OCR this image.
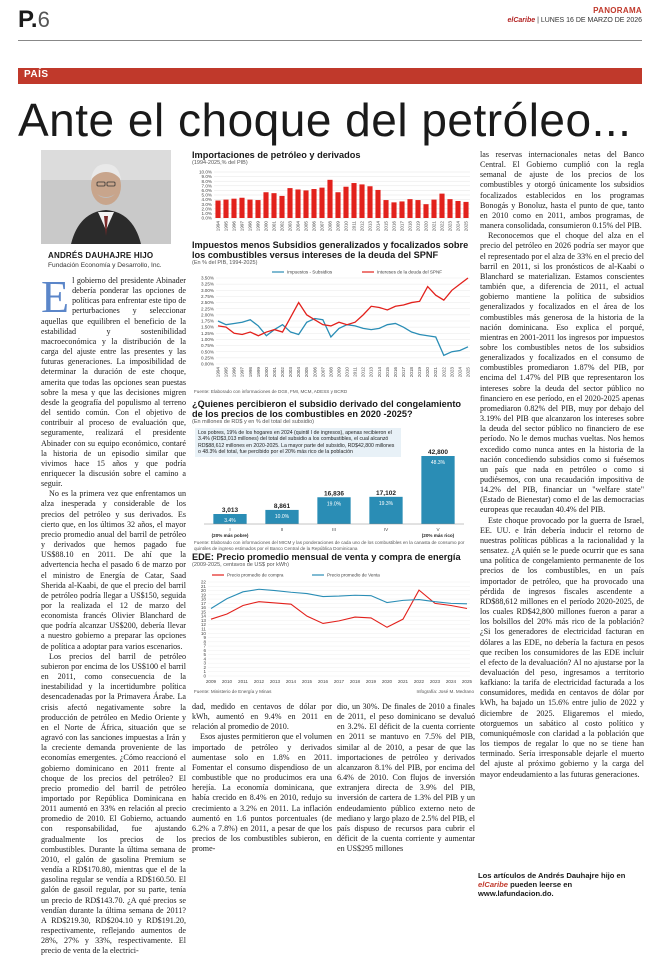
P.6	PANORAMA
elCaribe | LUNES 16 DE MARZO DE 2026
PAÍS
Ante el choque del petróleo...
ANDRÉS DAUHAJRE HIJO
Fundación Economía y Desarrollo, Inc.
E l gobierno del presidente Abinader debería ponderar las opciones de políticas para enfrentar este tipo de perturbaciones y seleccionar aquellas que equilibren el beneficio de la estabilidad y sostenibilidad macroeconómica y la distribución de la carga del ajuste entre las presentes y las futuras generaciones. La imposibilidad de determinar la duración de este choque, amerita que todas las opciones sean puestas sobre la mesa y que las decisiones migren desde la geografía del populismo al terreno del sentido común. Con el objetivo de contribuir al proceso de evaluación que, seguramente, realizará el presidente Abinader con su equipo económico, contaré la historia de un episodio similar que vivimos hace 15 años y que podría enriquecer la discusión sobre el camino a seguir.

No es la primera vez que enfrentamos un alza inesperada y considerable de los precios del petróleo y sus derivados. Es cierto que, en los últimos 32 años, el mayor precio promedio anual del barril de petróleo y derivados que hemos pagado fue US$88.10 en 2011. De ahí que la advertencia hecha el pasado 6 de marzo por el ministro de Energía de Catar, Saad Sherida al-Kaabi, de que el precio del barril de petróleo podría llegar a US$150, seguida por la realizada el 12 de marzo del economista francés Olivier Blanchard de que podría alcanzar US$200, debería llevar a nuestro gobierno a preparar las opciones de política a adoptar para varios escenarios.

Los precios del barril de petróleo subieron por encima de los US$100 el barril en 2011, como consecuencia de la inestabilidad y la incertidumbre política desencadenadas por la Primavera Árabe. La crisis afectó negativamente sobre la producción de petróleo en Medio Oriente y en el Norte de África, situación que se agravó con las sanciones impuestas a Irán y la creciente demanda proveniente de las economías emergentes. ¿Cómo reaccionó el gobierno dominicano en 2011 frente al choque de los precios del petróleo? El precio promedio del barril de petróleo importado por República Dominicana en 2011 aumentó en 33% en relación al precio promedio de 2010. El Gobierno, actuando con responsabilidad, fue ajustando gradualmente los precios de los combustibles. Durante la última semana de 2010, el galón de gasolina Premium se vendía a RD$170.80, mientras que el de la gasolina regular se vendía a RD$160.50. El galón de gasoil regular, por su parte, tenía un precio de RD$143.70. ¿A qué precios se vendían durante la última semana de 2011? A RD$219.30, RD$204.10 y RD$191.20, respectivamente, reflejando aumentos de 28%, 27% y 33%, respectivamente. El precio de venta de la electrici-

Importaciones de petróleo y derivados
(1994-2025,% del PIB)
0.0%
1.0%
2.0%
3.0%
4.0%
5.0%
6.0%
7.0%
8.0%
9.0%
10.0%
1994 1995 1996 1997 1998 1999 2000 2001 2002 2003 2004 2005 2006 2007 2008 2009 2010 2011 2012 2013 2014 2015 2016 2017 2018 2019 2020 2021 2022 2023 2024 2025
Impuestos menos Subsidios generalizados y focalizados sobre los combustibles versus intereses de la deuda del SPNF
(En % del PIB, 1994-2025)
Impuestos - Subsidios	Intereses de la deuda del SPNF
0.00%
0.25%
0.50%
0.75%
1.00%
1.25%
1.50%
1.75%
2.00%
2.25%
2.50%
2.75%
3.00%
3.25%
3.50%
1994 1995 1996 1997 1998 1999 2000 2001 2002 2003 2004 2005 2006 2007 2008 2009 2010 2011 2012 2013 2014 2015 2016 2017 2018 2019 2020 2021 2022 2023 2024 2025
Fuente: Elaborado con informaciones de DGII, FMI, MCM, ADESS y BCRD
¿Quienes percibieron el subsidio derivado del congelamiento de los precios de los combustibles en 2020 -2025?
(En millones de RD$ y en % del total del subsidio)
Los pobres, 19% de los hogares en 2024 (quintil I de ingresos), apenas recibieron el 3.4% (RD$3,013 millones) del total del subsidio a los combustibles, el cual alcanzó RD$88,612 millones en 2020-2025. La mayor parte del subsidio, RD$42,800 millones o 48.3% del total, fue percibido por el 20% más rico de la población
3,013
3.4%
I
(20% más pobre)
8,861
10.0%
II
16,836
19.0%
III
17,102
19.3%
IV
42,800
48.3%
V
(20% más rico)
Fuente: Elaborado con informaciones del MICM y las ponderaciones de cada uno de los combustibles en la canasta de consumo por quintiles de ingreso estimados por el Banco Central de la República Dominicana
EDE: Precio promedio mensual de venta y compra de energía
(2009-2025, centavos de US$ por kWh)
Precio promedio de compra	Precio promedio de Venta
0
1
2
3
4
5
6
7
8
9
10
11
12
13
14
15
16
17
18
19
20
21
22
2009 2010 2011 2012 2013 2014 2015 2016 2017 2018 2019 2020 2021 2022 2023 2024 2025
Fuente: Ministerio de Energía y Minas	Infografía: José M. Medrano

dad, medido en centavos de dólar por kWh, aumentó en 9.4% en 2011 en relación al promedio de 2010.

Esos ajustes permitieron que el volumen importado de petróleo y derivados aumentase solo en 1.8% en 2011. Fomentar el consumo dispendioso de un combustible que no producimos era una herejía. La economía dominicana, que había crecido en 8.4% en 2010, redujo su crecimiento a 3.2% en 2011. La inflación aumentó en 1.6 puntos porcentuales (de 6.2% a 7.8%) en 2011, a pesar de que los precios de los combustibles subieron, en prome-

dio, un 30%. De finales de 2010 a finales de 2011, el peso dominicano se devaluó en 3.2%. El déficit de la cuenta corriente en 2011 se mantuvo en 7.5% del PIB, similar al de 2010, a pesar de que las importaciones de petróleo y derivados alcanzaron 8.1% del PIB, por encima del 6.4% de 2010. Con flujos de inversión extranjera directa de 3.9% del PIB, inversión de cartera de 1.3% del PIB y un endeudamiento público externo neto de mediano y largo plazo de 2.5% del PIB, el país dispuso de recursos para cubrir el déficit de la cuenta corriente y aumentar en US$295 millones

las reservas internacionales netas del Banco Central. El Gobierno cumplió con la regla semanal de ajuste de los precios de los combustibles y otorgó únicamente los subsidios focalizados establecidos en los programas Bonogás y Bonoluz, hasta el punto de que, tanto en 2010 como en 2011, ambos programas, de manera consolidada, consumieron 0.15% del PIB.

Reconocemos que el choque del alza en el precio del petróleo en 2026 podría ser mayor que el representado por el alza de 33% en el precio del barril en 2011, si los pronósticos de al-Kaabi o Blanchard se materializan. Estamos conscientes también que, a diferencia de 2011, el actual gobierno mantiene la política de subsidios generalizados y focalizados en el área de los combustibles más generosa de la historia de la nación dominicana. Eso explica el porqué, mientras en 2001-2011 los ingresos por impuestos sobre los combustibles netos de los subsidios generalizados y focalizados en el consumo de combustibles promediaron 1.87% del PIB, por encima del 1.47% del PIB que representaron los intereses sobre la deuda del sector público no financiero en ese período, en el 2020-2025 apenas promediaron 0.82% del PIB, muy por debajo del 3.19% del PIB que alcanzaron los intereses sobre la deuda del sector público no financiero de ese período. No le demos muchas vueltas. Nos hemos excedido como nunca antes en la historia de la nación concediendo subsidios como si fuésemos un país que nada en petróleo o como si pudiésemos, con una recaudación impositiva de 14.2% del PIB, financiar un "welfare state" (Estado de Bienestar) como el de las democracias europeas que recaudan 40.4% del PIB.

Este choque provocado por la guerra de Israel, EE. UU. e Irán debería inducir el retorno de nuestras políticas públicas a la racionalidad y la sensatez. ¿A quién se le puede ocurrir que es sana una política de congelamiento permanente de los precios de los combustibles, en un país importador de petróleo, que ha provocado una pérdida de ingresos fiscales ascendente a RD$88,612 millones en el período 2020-2025, de los cuales RD$42,800 millones fueron a parar a los bolsillos del 20% más rico de la población? ¿Si los generadores de electricidad facturan en dólares a las EDE, no debería la factura en pesos que reciben los consumidores de las EDE incluir el efecto de la devaluación? Al no ajustarse por la devaluación del peso, ingresamos a territorio kafkiano: la tarifa de electricidad facturada a los consumidores, medida en centavos de dólar por kWh, ha bajado un 15.6% entre julio de 2022 y diciembre de 2025. Eligaremos el miedo, otorguemos un sabático al costo político y comuniquémosle con claridad a la población que los tiempos de regalar lo que no se tiene han terminado. Sería irresponsable dejarle el muerto del ajuste al próximo gobierno y la carga del mayor endeudamiento a las futuras generaciones.

Los artículos de Andrés Dauhajre hijo en elCaribe pueden leerse en www.lafundacion.do.
